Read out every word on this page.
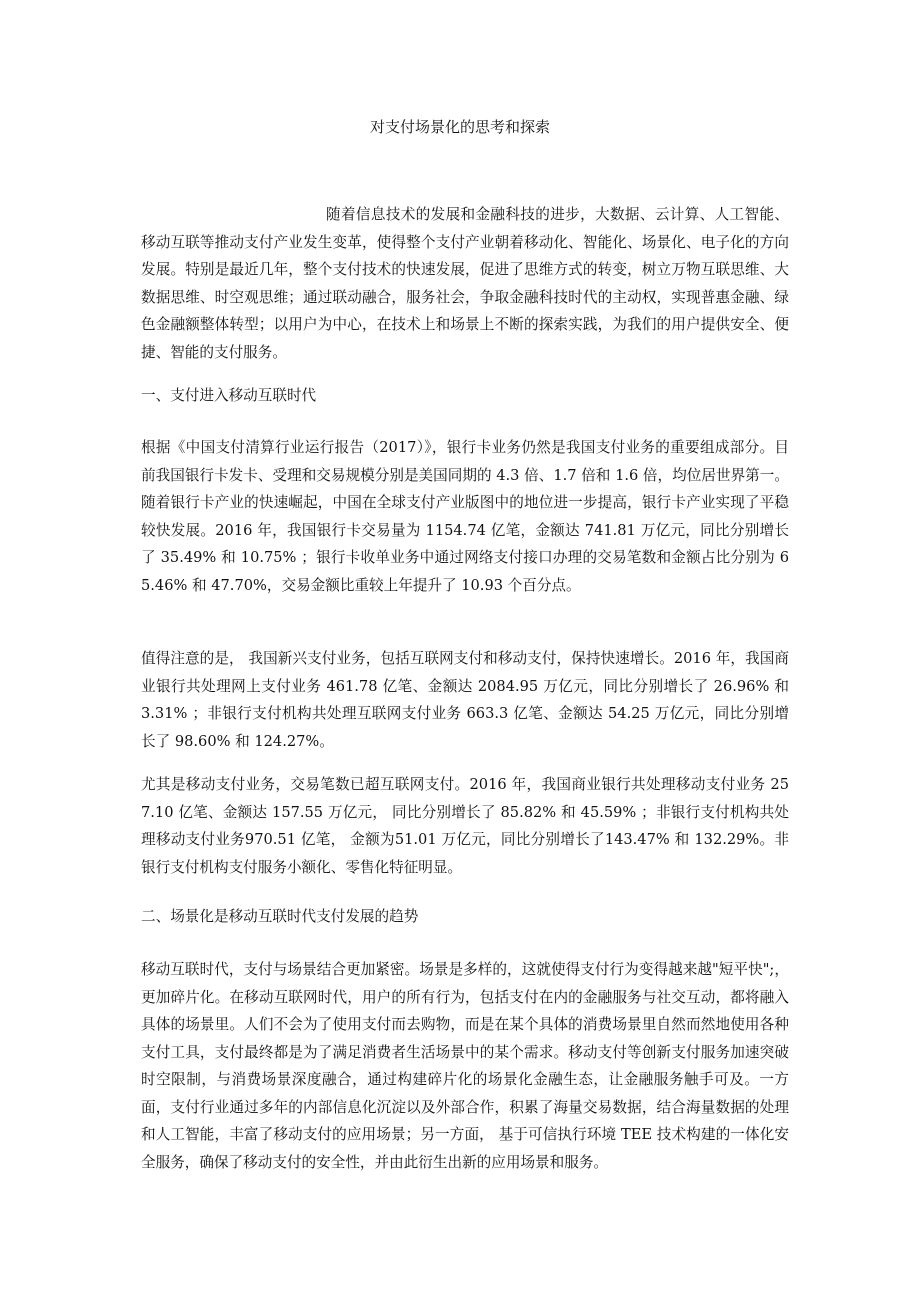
对支付场景化的思考和探索

随着信息技术的发展和金融科技的进步，大数据、云计算、人工智能、移动互联等推动支付产业发生变革，使得整个支付产业朝着移动化、智能化、场景化、电子化的方向发展。特别是最近几年，整个支付技术的快速发展，促进了思维方式的转变，树立万物互联思维、大数据思维、时空观思维；通过联动融合，服务社会，争取金融科技时代的主动权，实现普惠金融、绿色金融额整体转型；以用户为中心，在技术上和场景上不断的探索实践，为我们的用户提供安全、便捷、智能的支付服务。

一、支付进入移动互联时代

根据《中国支付清算行业运行报告（2017）》，银行卡业务仍然是我国支付业务的重要组成部分。目前我国银行卡发卡、受理和交易规模分别是美国同期的 4.3 倍、1.7 倍和 1.6 倍，均位居世界第一。随着银行卡产业的快速崛起，中国在全球支付产业版图中的地位进一步提高，银行卡产业实现了平稳较快发展。2016 年，我国银行卡交易量为 1154.74 亿笔，金额达 741.81 万亿元，同比分别增长了 35.49% 和 10.75% ；银行卡收单业务中通过网络支付接口办理的交易笔数和金额占比分别为 65.46% 和 47.70%，交易金额比重较上年提升了 10.93 个百分点。

值得注意的是， 我国新兴支付业务，包括互联网支付和移动支付，保持快速增长。2016 年，我国商业银行共处理网上支付业务 461.78 亿笔、金额达 2084.95 万亿元，同比分别增长了 26.96% 和 3.31% ；非银行支付机构共处理互联网支付业务 663.3 亿笔、金额达 54.25 万亿元，同比分别增长了 98.60% 和 124.27%。

尤其是移动支付业务，交易笔数已超互联网支付。2016 年，我国商业银行共处理移动支付业务 257.10 亿笔、金额达 157.55 万亿元， 同比分别增长了 85.82% 和 45.59% ；非银行支付机构共处理移动支付业务970.51 亿笔， 金额为51.01 万亿元，同比分别增长了143.47% 和 132.29%。非银行支付机构支付服务小额化、零售化特征明显。

二、场景化是移动互联时代支付发展的趋势

移动互联时代，支付与场景结合更加紧密。场景是多样的，这就使得支付行为变得越来越"短平快";，更加碎片化。在移动互联网时代，用户的所有行为，包括支付在内的金融服务与社交互动，都将融入具体的场景里。人们不会为了使用支付而去购物，而是在某个具体的消费场景里自然而然地使用各种支付工具，支付最终都是为了满足消费者生活场景中的某个需求。移动支付等创新支付服务加速突破时空限制，与消费场景深度融合，通过构建碎片化的场景化金融生态，让金融服务触手可及。一方面，支付行业通过多年的内部信息化沉淀以及外部合作，积累了海量交易数据，结合海量数据的处理和人工智能，丰富了移动支付的应用场景；另一方面， 基于可信执行环境 TEE 技术构建的一体化安全服务，确保了移动支付的安全性，并由此衍生出新的应用场景和服务。
